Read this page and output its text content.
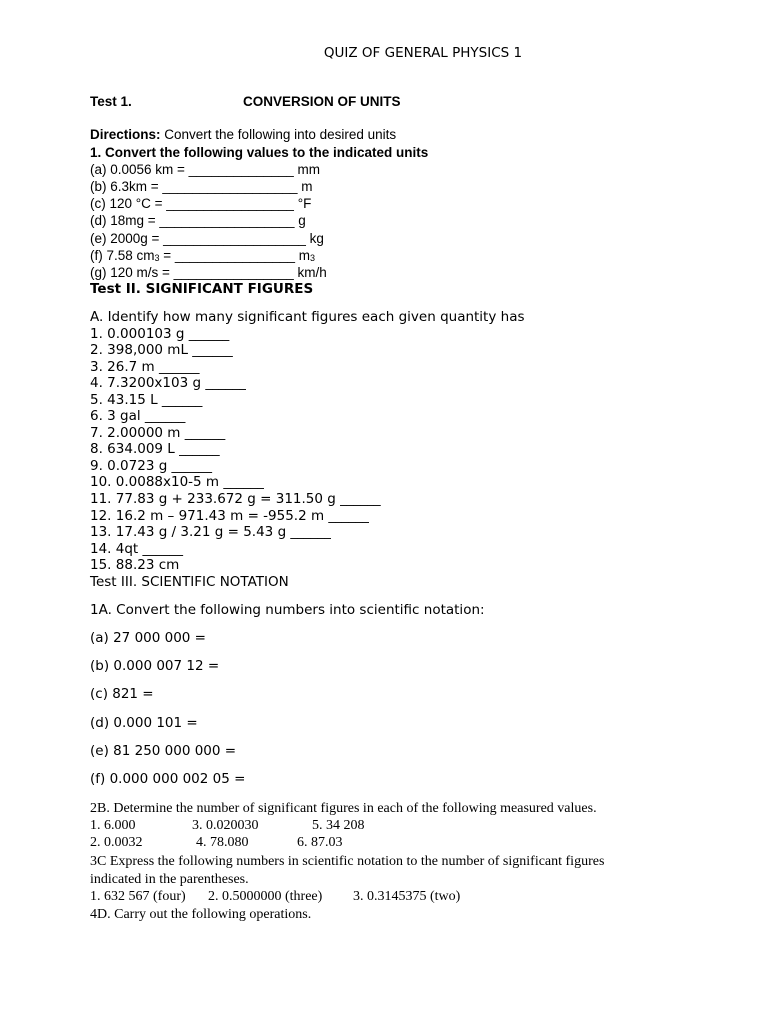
QUIZ OF GENERAL PHYSICS 1
Test 1.	CONVERSION OF UNITS
Directions: Convert the following into desired units
1. Convert the following values to the indicated units
(a) 0.0056 km = ______________ mm
(b) 6.3km = __________________ m
(c) 120 °C = _________________ °F
(d) 18mg = __________________ g
(e) 2000g = ___________________ kg
(f) 7.58 $cm_3$ = ________________ $m_3$
(g) 120 m/s = ________________ km/h
Test II. SIGNIFICANT FIGURES
A. Identify how many significant figures each given quantity has
1. 0.000103 g ______
2. 398,000 mL ______
3. 26.7 m ______
4. 7.3200x103 g ______
5. 43.15 L ______
6. 3 gal ______
7. 2.00000 m ______
8. 634.009 L ______
9. 0.0723 g ______
10. 0.0088x10-5 m ______
11. 77.83 g + 233.672 g = 311.50 g ______
12. 16.2 m – 971.43 m = -955.2 m ______
13. 17.43 g / 3.21 g = 5.43 g ______
14. 4qt ______
15. 88.23 cm
Test III. SCIENTIFIC NOTATION
1A. Convert the following numbers into scientific notation:
(a) 27 000 000 =
(b) 0.000 007 12 =
(c) 821 =
(d) 0.000 101 =
(e) 81 250 000 000 =
(f) 0.000 000 002 05 =
2B. Determine the number of significant figures in each of the following measured values.
1. 6.000	3. 0.020030	5. 34 208
2. 0.0032	4. 78.080	6. 87.03
3C Express the following numbers in scientific notation to the number of significant figures
indicated in the parentheses.
1. 632 567 (four) 2. 0.5000000 (three) 3. 0.3145375 (two)
4D. Carry out the following operations.
